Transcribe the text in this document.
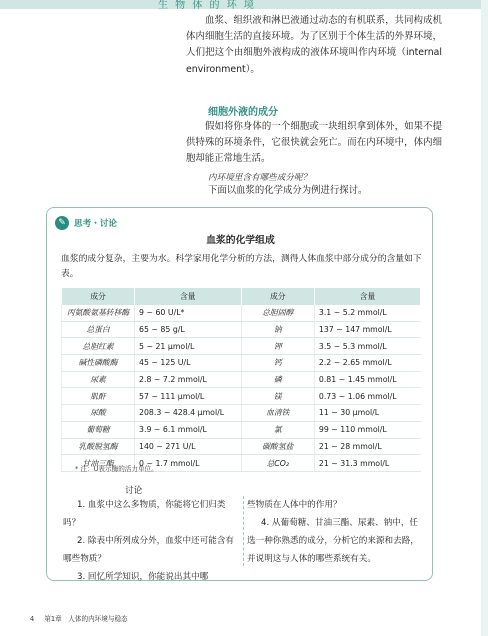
生 物 体 的 环 境
血浆、组织液和淋巴液通过动态的有机联系，共同构成机体内细胞生活的直接环境。为了区别于个体生活的外界环境，人们把这个由细胞外液构成的液体环境叫作内环境（internal environment）。
细胞外液的成分
假如将你身体的一个细胞或一块组织拿到体外，如果不提供特殊的环境条件，它很快就会死亡。而在内环境中，体内细胞却能正常地生活。
内环境里含有哪些成分呢？
下面以血浆的化学成分为例进行探讨。
✎ 思考・讨论
血浆的化学组成
血浆的成分复杂，主要为水。科学家用化学分析的方法，测得人体血浆中部分成分的含量如下表。
成分	含量	成分	含量
丙氨酸氨基转移酶	9 ~ 60 U/L*	总胆固醇	3.1 ~ 5.2 mmol/L
总蛋白	65 ~ 85 g/L	钠	137 ~ 147 mmol/L
总胆红素	5 ~ 21 μmol/L	钾	3.5 ~ 5.3 mmol/L
碱性磷酸酶	45 ~ 125 U/L	钙	2.2 ~ 2.65 mmol/L
尿素	2.8 ~ 7.2 mmol/L	磷	0.81 ~ 1.45 mmol/L
肌酐	57 ~ 111 μmol/L	镁	0.73 ~ 1.06 mmol/L
尿酸	208.3 ~ 428.4 μmol/L	血清铁	11 ~ 30 μmol/L
葡萄糖	3.9 ~ 6.1 mmol/L	氯	99 ~ 110 mmol/L
乳酸脱氢酶	140 ~ 271 U/L	碳酸氢盐	21 ~ 28 mmol/L
甘油三酯	0 ~ 1.7 mmol/L	总CO₂	21 ~ 31.3 mmol/L
* 注：U表示酶的活力单位。
讨论

1. 血浆中这么多物质，你能将它们归类吗？

2. 除表中所列成分外，血浆中还可能含有哪些物质？

3. 回忆所学知识，你能说出其中哪

些物质在人体中的作用？

4. 从葡萄糖、甘油三酯、尿素、钠中，任选一种你熟悉的成分，分析它的来源和去路，并说明这与人体的哪些系统有关。

4 第1章　人体的内环境与稳态
